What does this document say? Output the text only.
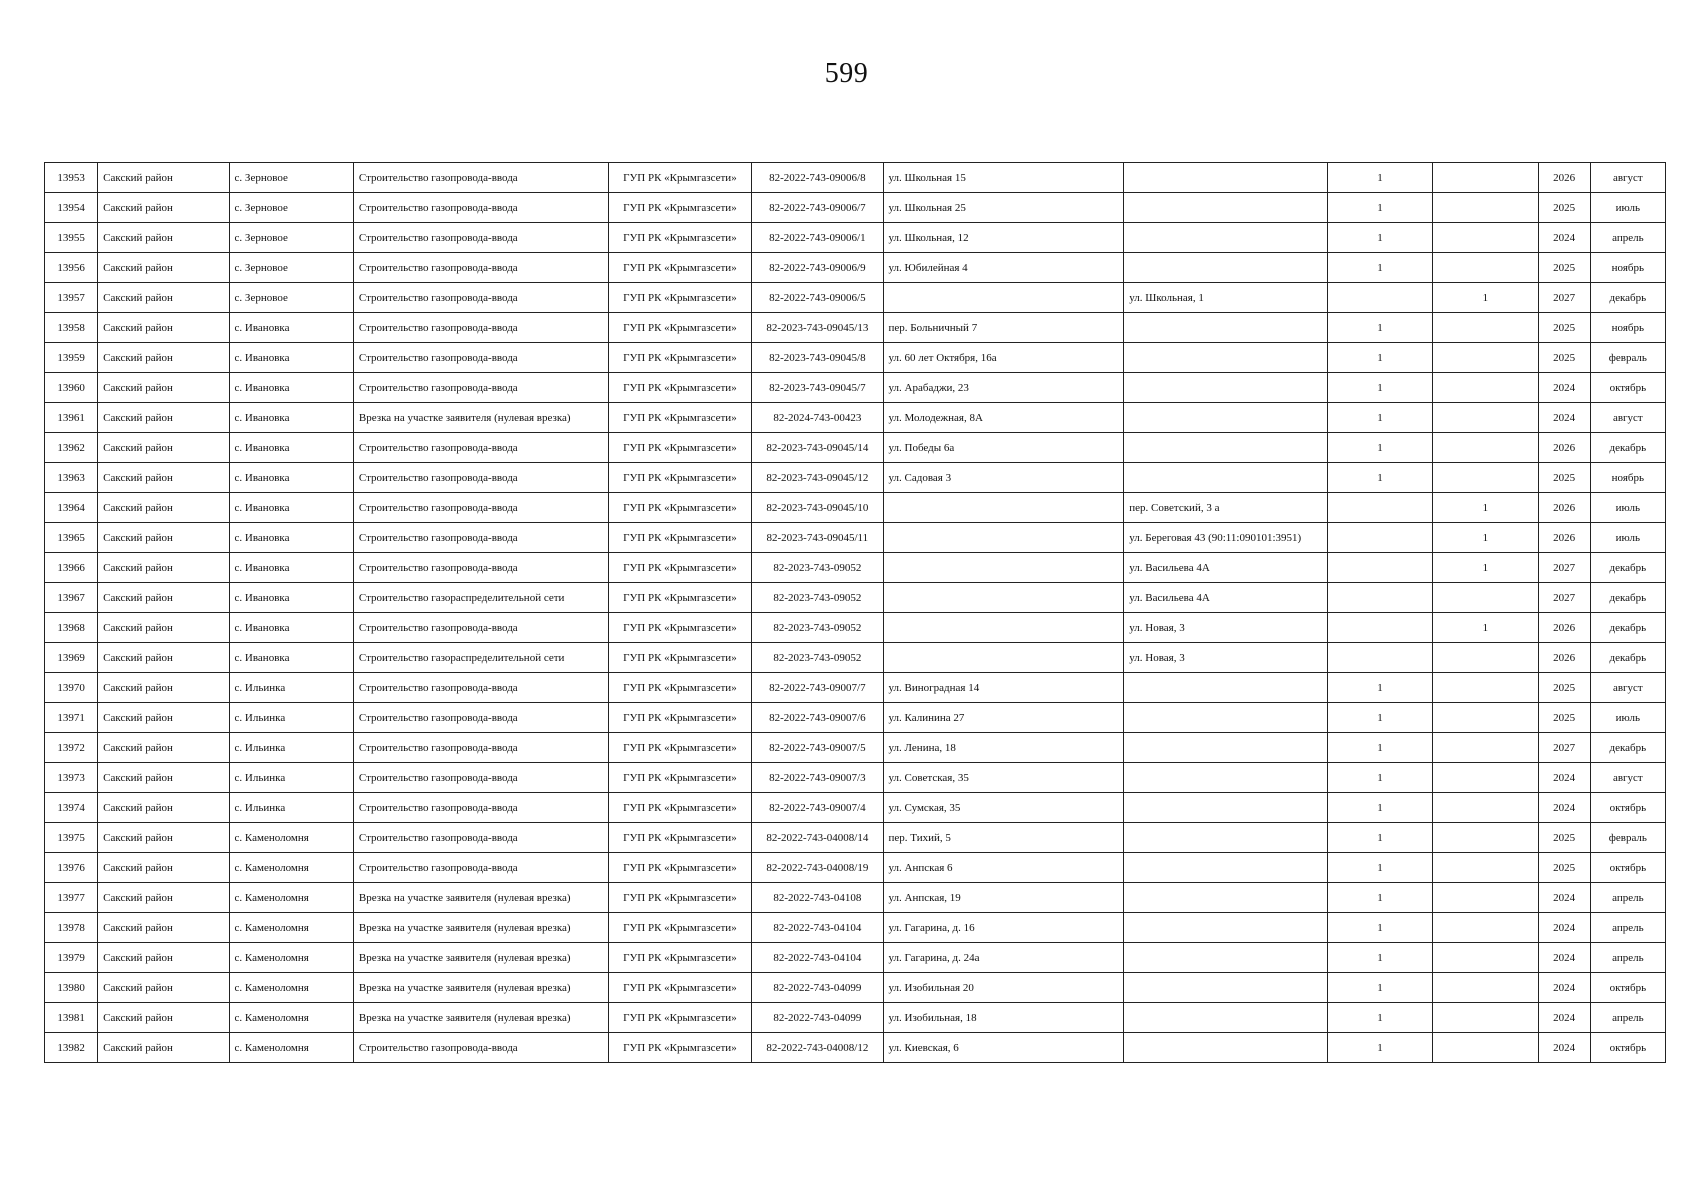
599
13953	Сакский район	с. Зерновое	Строительство газопровода-ввода	ГУП РК «Крымгазсети»	82-2022-743-09006/8	ул. Школьная 15		1		2026	август
13954	Сакский район	с. Зерновое	Строительство газопровода-ввода	ГУП РК «Крымгазсети»	82-2022-743-09006/7	ул. Школьная 25		1		2025	июль
13955	Сакский район	с. Зерновое	Строительство газопровода-ввода	ГУП РК «Крымгазсети»	82-2022-743-09006/1	ул. Школьная, 12		1		2024	апрель
13956	Сакский район	с. Зерновое	Строительство газопровода-ввода	ГУП РК «Крымгазсети»	82-2022-743-09006/9	ул. Юбилейная 4		1		2025	ноябрь
13957	Сакский район	с. Зерновое	Строительство газопровода-ввода	ГУП РК «Крымгазсети»	82-2022-743-09006/5		ул. Школьная, 1		1	2027	декабрь
13958	Сакский район	с. Ивановка	Строительство газопровода-ввода	ГУП РК «Крымгазсети»	82-2023-743-09045/13	пер. Больничный 7		1		2025	ноябрь
13959	Сакский район	с. Ивановка	Строительство газопровода-ввода	ГУП РК «Крымгазсети»	82-2023-743-09045/8	ул. 60 лет Октября, 16а		1		2025	февраль
13960	Сакский район	с. Ивановка	Строительство газопровода-ввода	ГУП РК «Крымгазсети»	82-2023-743-09045/7	ул. Арабаджи, 23		1		2024	октябрь
13961	Сакский район	с. Ивановка	Врезка на участке заявителя (нулевая врезка)	ГУП РК «Крымгазсети»	82-2024-743-00423	ул. Молодежная, 8А		1		2024	август
13962	Сакский район	с. Ивановка	Строительство газопровода-ввода	ГУП РК «Крымгазсети»	82-2023-743-09045/14	ул. Победы 6а		1		2026	декабрь
13963	Сакский район	с. Ивановка	Строительство газопровода-ввода	ГУП РК «Крымгазсети»	82-2023-743-09045/12	ул. Садовая 3		1		2025	ноябрь
13964	Сакский район	с. Ивановка	Строительство газопровода-ввода	ГУП РК «Крымгазсети»	82-2023-743-09045/10		пер. Советский, 3 а		1	2026	июль
13965	Сакский район	с. Ивановка	Строительство газопровода-ввода	ГУП РК «Крымгазсети»	82-2023-743-09045/11		ул. Береговая 43 (90:11:090101:3951)		1	2026	июль
13966	Сакский район	с. Ивановка	Строительство газопровода-ввода	ГУП РК «Крымгазсети»	82-2023-743-09052		ул. Васильева 4А		1	2027	декабрь
13967	Сакский район	с. Ивановка	Строительство газораспределительной сети	ГУП РК «Крымгазсети»	82-2023-743-09052		ул. Васильева 4А			2027	декабрь
13968	Сакский район	с. Ивановка	Строительство газопровода-ввода	ГУП РК «Крымгазсети»	82-2023-743-09052		ул. Новая, 3		1	2026	декабрь
13969	Сакский район	с. Ивановка	Строительство газораспределительной сети	ГУП РК «Крымгазсети»	82-2023-743-09052		ул. Новая, 3			2026	декабрь
13970	Сакский район	с. Ильинка	Строительство газопровода-ввода	ГУП РК «Крымгазсети»	82-2022-743-09007/7	ул. Виноградная 14		1		2025	август
13971	Сакский район	с. Ильинка	Строительство газопровода-ввода	ГУП РК «Крымгазсети»	82-2022-743-09007/6	ул. Калинина 27		1		2025	июль
13972	Сакский район	с. Ильинка	Строительство газопровода-ввода	ГУП РК «Крымгазсети»	82-2022-743-09007/5	ул. Ленина, 18		1		2027	декабрь
13973	Сакский район	с. Ильинка	Строительство газопровода-ввода	ГУП РК «Крымгазсети»	82-2022-743-09007/3	ул. Советская, 35		1		2024	август
13974	Сакский район	с. Ильинка	Строительство газопровода-ввода	ГУП РК «Крымгазсети»	82-2022-743-09007/4	ул. Сумская, 35		1		2024	октябрь
13975	Сакский район	с. Каменоломня	Строительство газопровода-ввода	ГУП РК «Крымгазсети»	82-2022-743-04008/14	пер. Тихий, 5		1		2025	февраль
13976	Сакский район	с. Каменоломня	Строительство газопровода-ввода	ГУП РК «Крымгазсети»	82-2022-743-04008/19	ул. Анпская 6		1		2025	октябрь
13977	Сакский район	с. Каменоломня	Врезка на участке заявителя (нулевая врезка)	ГУП РК «Крымгазсети»	82-2022-743-04108	ул. Анпская, 19		1		2024	апрель
13978	Сакский район	с. Каменоломня	Врезка на участке заявителя (нулевая врезка)	ГУП РК «Крымгазсети»	82-2022-743-04104	ул. Гагарина, д. 16		1		2024	апрель
13979	Сакский район	с. Каменоломня	Врезка на участке заявителя (нулевая врезка)	ГУП РК «Крымгазсети»	82-2022-743-04104	ул. Гагарина, д. 24а		1		2024	апрель
13980	Сакский район	с. Каменоломня	Врезка на участке заявителя (нулевая врезка)	ГУП РК «Крымгазсети»	82-2022-743-04099	ул. Изобильная 20		1		2024	октябрь
13981	Сакский район	с. Каменоломня	Врезка на участке заявителя (нулевая врезка)	ГУП РК «Крымгазсети»	82-2022-743-04099	ул. Изобильная, 18		1		2024	апрель
13982	Сакский район	с. Каменоломня	Строительство газопровода-ввода	ГУП РК «Крымгазсети»	82-2022-743-04008/12	ул. Киевская, 6		1		2024	октябрь
